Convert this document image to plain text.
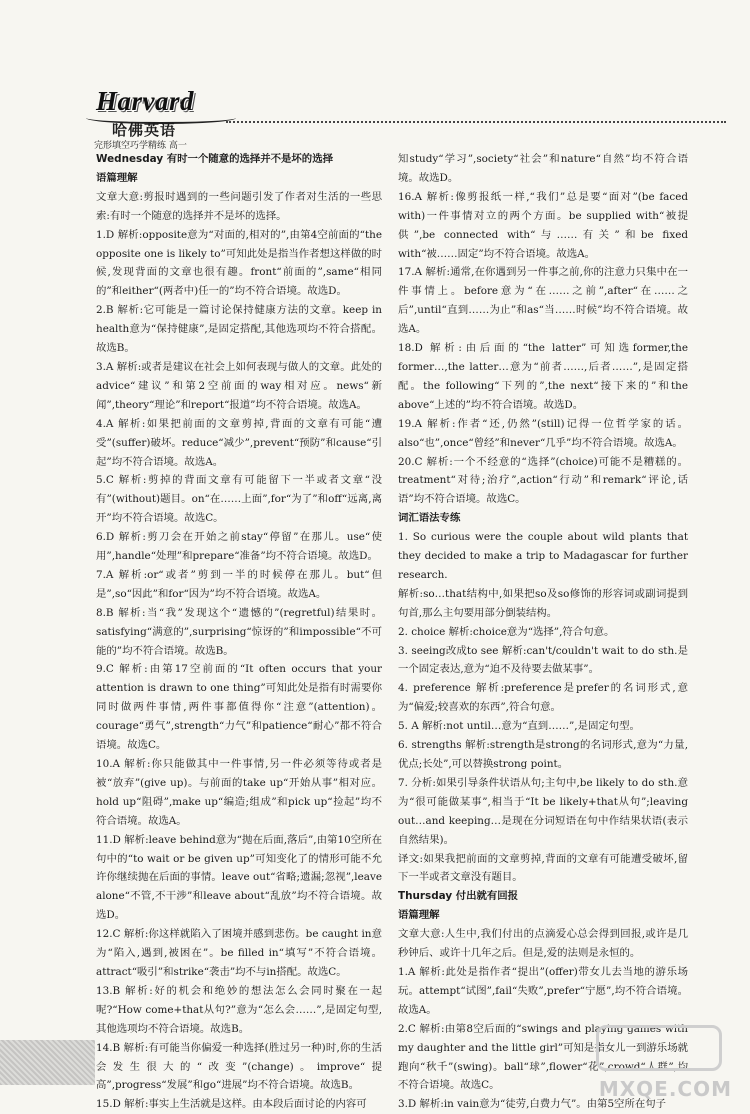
Harvard
哈佛英语
完形填空巧学精练 高一

Wednesday 有时一个随意的选择并不是坏的选择

语篇理解

文章大意:剪报时遇到的一些问题引发了作者对生活的一些思索:有时一个随意的选择并不是坏的选择。

1.D 解析:opposite意为“对面的,相对的”,由第4空前面的“the opposite one is likely to”可知此处是指当作者想这样做的时候,发现背面的文章也很有趣。front“前面的”,same“相同的”和either“(两者中)任一的”均不符合语境。故选D。

2.B 解析:它可能是一篇讨论保持健康方法的文章。keep in health意为“保持健康”,是固定搭配,其他选项均不符合搭配。故选B。

3.A 解析:或者是建议在社会上如何表现与做人的文章。此处的advice“建议”和第2空前面的way相对应。news“新闻”,theory“理论”和report“报道”均不符合语境。故选A。

4.A 解析:如果把前面的文章剪掉,背面的文章有可能“遭受”(suffer)破坏。reduce“减少”,prevent“预防”和cause“引起”均不符合语境。故选A。

5.C 解析:剪掉的背面文章有可能留下一半或者文章“没有”(without)题目。on“在……上面”,for“为了”和off“远离,离开”均不符合语境。故选C。

6.D 解析:剪刀会在开始之前stay“停留”在那儿。use“使用”,handle“处理”和prepare“准备”均不符合语境。故选D。

7.A 解析:or“或者”剪到一半的时候停在那儿。but“但是”,so“因此”和for“因为”均不符合语境。故选A。

8.B 解析:当“我”发现这个“遗憾的”(regretful)结果时。satisfying“满意的”,surprising“惊讶的”和impossible“不可能的”均不符合语境。故选B。

9.C 解析:由第17空前面的“It often occurs that your attention is drawn to one thing”可知此处是指有时需要你同时做两件事情,两件事都值得你“注意”(attention)。courage“勇气”,strength“力气”和patience“耐心”都不符合语境。故选C。

10.A 解析:你只能做其中一件事情,另一件必须等待或者是被“放弃”(give up)。与前面的take up“开始从事”相对应。hold up“阻碍”,make up“编造;组成”和pick up“捡起”均不符合语境。故选A。

11.D 解析:leave behind意为“抛在后面,落后”,由第10空所在句中的“to wait or be given up”可知变化了的情形可能不允许你继续抛在后面的事情。leave out“省略;遗漏;忽视”,leave alone“不管,不干涉”和leave about“乱放”均不符合语境。故选D。

12.C 解析:你这样就陷入了困境并感到悲伤。be caught in意为“陷入,遇到,被困在”。be filled in“填写”不符合语境。attract“吸引”和strike“袭击”均不与in搭配。故选C。

13.B 解析:好的机会和绝妙的想法怎么会同时聚在一起呢?“How come+that从句?”意为“怎么会……”,是固定句型,其他选项均不符合语境。故选B。

14.B 解析:有可能当你偏爱一种选择(胜过另一种)时,你的生活会发生很大的“改变”(change)。improve“提高”,progress“发展”和go“进展”均不符合语境。故选B。

15.D 解析:事实上生活就是这样。由本段后面讨论的内容可

知study“学习”,society“社会”和nature“自然”均不符合语境。故选D。

16.A 解析:像剪报纸一样,“我们”总是要“面对”(be faced with)一件事情对立的两个方面。be supplied with“被提供”,be connected with“与……有关”和be fixed with“被……固定”均不符合语境。故选A。

17.A 解析:通常,在你遇到另一件事之前,你的注意力只集中在一件事情上。before意为“在……之前”,after“在……之后”,until“直到……为止”和as“当……时候”均不符合语境。故选A。

18.D 解析:由后面的“the latter”可知选former,the former…,the latter…意为“前者……,后者……”,是固定搭配。the following“下列的”,the next“接下来的”和the above“上述的”均不符合语境。故选D。

19.A 解析:作者“还,仍然”(still)记得一位哲学家的话。also“也”,once“曾经”和never“几乎”均不符合语境。故选A。

20.C 解析:一个不经意的“选择”(choice)可能不是糟糕的。treatment“对待;治疗”,action“行动”和remark“评论,话语”均不符合语境。故选C。

词汇语法专练

1. So curious were the couple about wild plants that they decided to make a trip to Madagascar for further research.

解析:so…that结构中,如果把so及so修饰的形容词或副词提到句首,那么主句要用部分倒装结构。

2. choice 解析:choice意为“选择”,符合句意。

3. seeing改成to see 解析:can't/couldn't wait to do sth.是一个固定表达,意为“迫不及待要去做某事”。

4. preference 解析:preference是prefer的名词形式,意为“偏爱;较喜欢的东西”,符合句意。

5. A 解析:not until…意为“直到……”,是固定句型。

6. strengths 解析:strength是strong的名词形式,意为“力量,优点;长处”,可以替换strong point。

7. 分析:如果引导条件状语从句;主句中,be likely to do sth.意为“很可能做某事”,相当于“It be likely+that从句”;leaving out…and keeping…是现在分词短语在句中作结果状语(表示自然结果)。

译文:如果我把前面的文章剪掉,背面的文章有可能遭受破坏,留下一半或者文章没有题目。

Thursday 付出就有回报

语篇理解

文章大意:人生中,我们付出的点滴爱心总会得到回报,或许是几秒钟后、或许十几年之后。但是,爱的法则是永恒的。

1.A 解析:此处是指作者“提出”(offer)带女儿去当地的游乐场玩。attempt“试图”,fail“失败”,prefer“宁愿”,均不符合语境。故选A。

2.C 解析:由第8空后面的“swings and playing games with my daughter and the little girl”可知是指女儿一到游乐场就跑向“秋千”(swing)。ball“球”,flower“花”,crowd“人群”,均不符合语境。故选C。

3.D 解析:in vain意为“徒劳,白费力气”。由第5空所在句子

MXQE.COM
